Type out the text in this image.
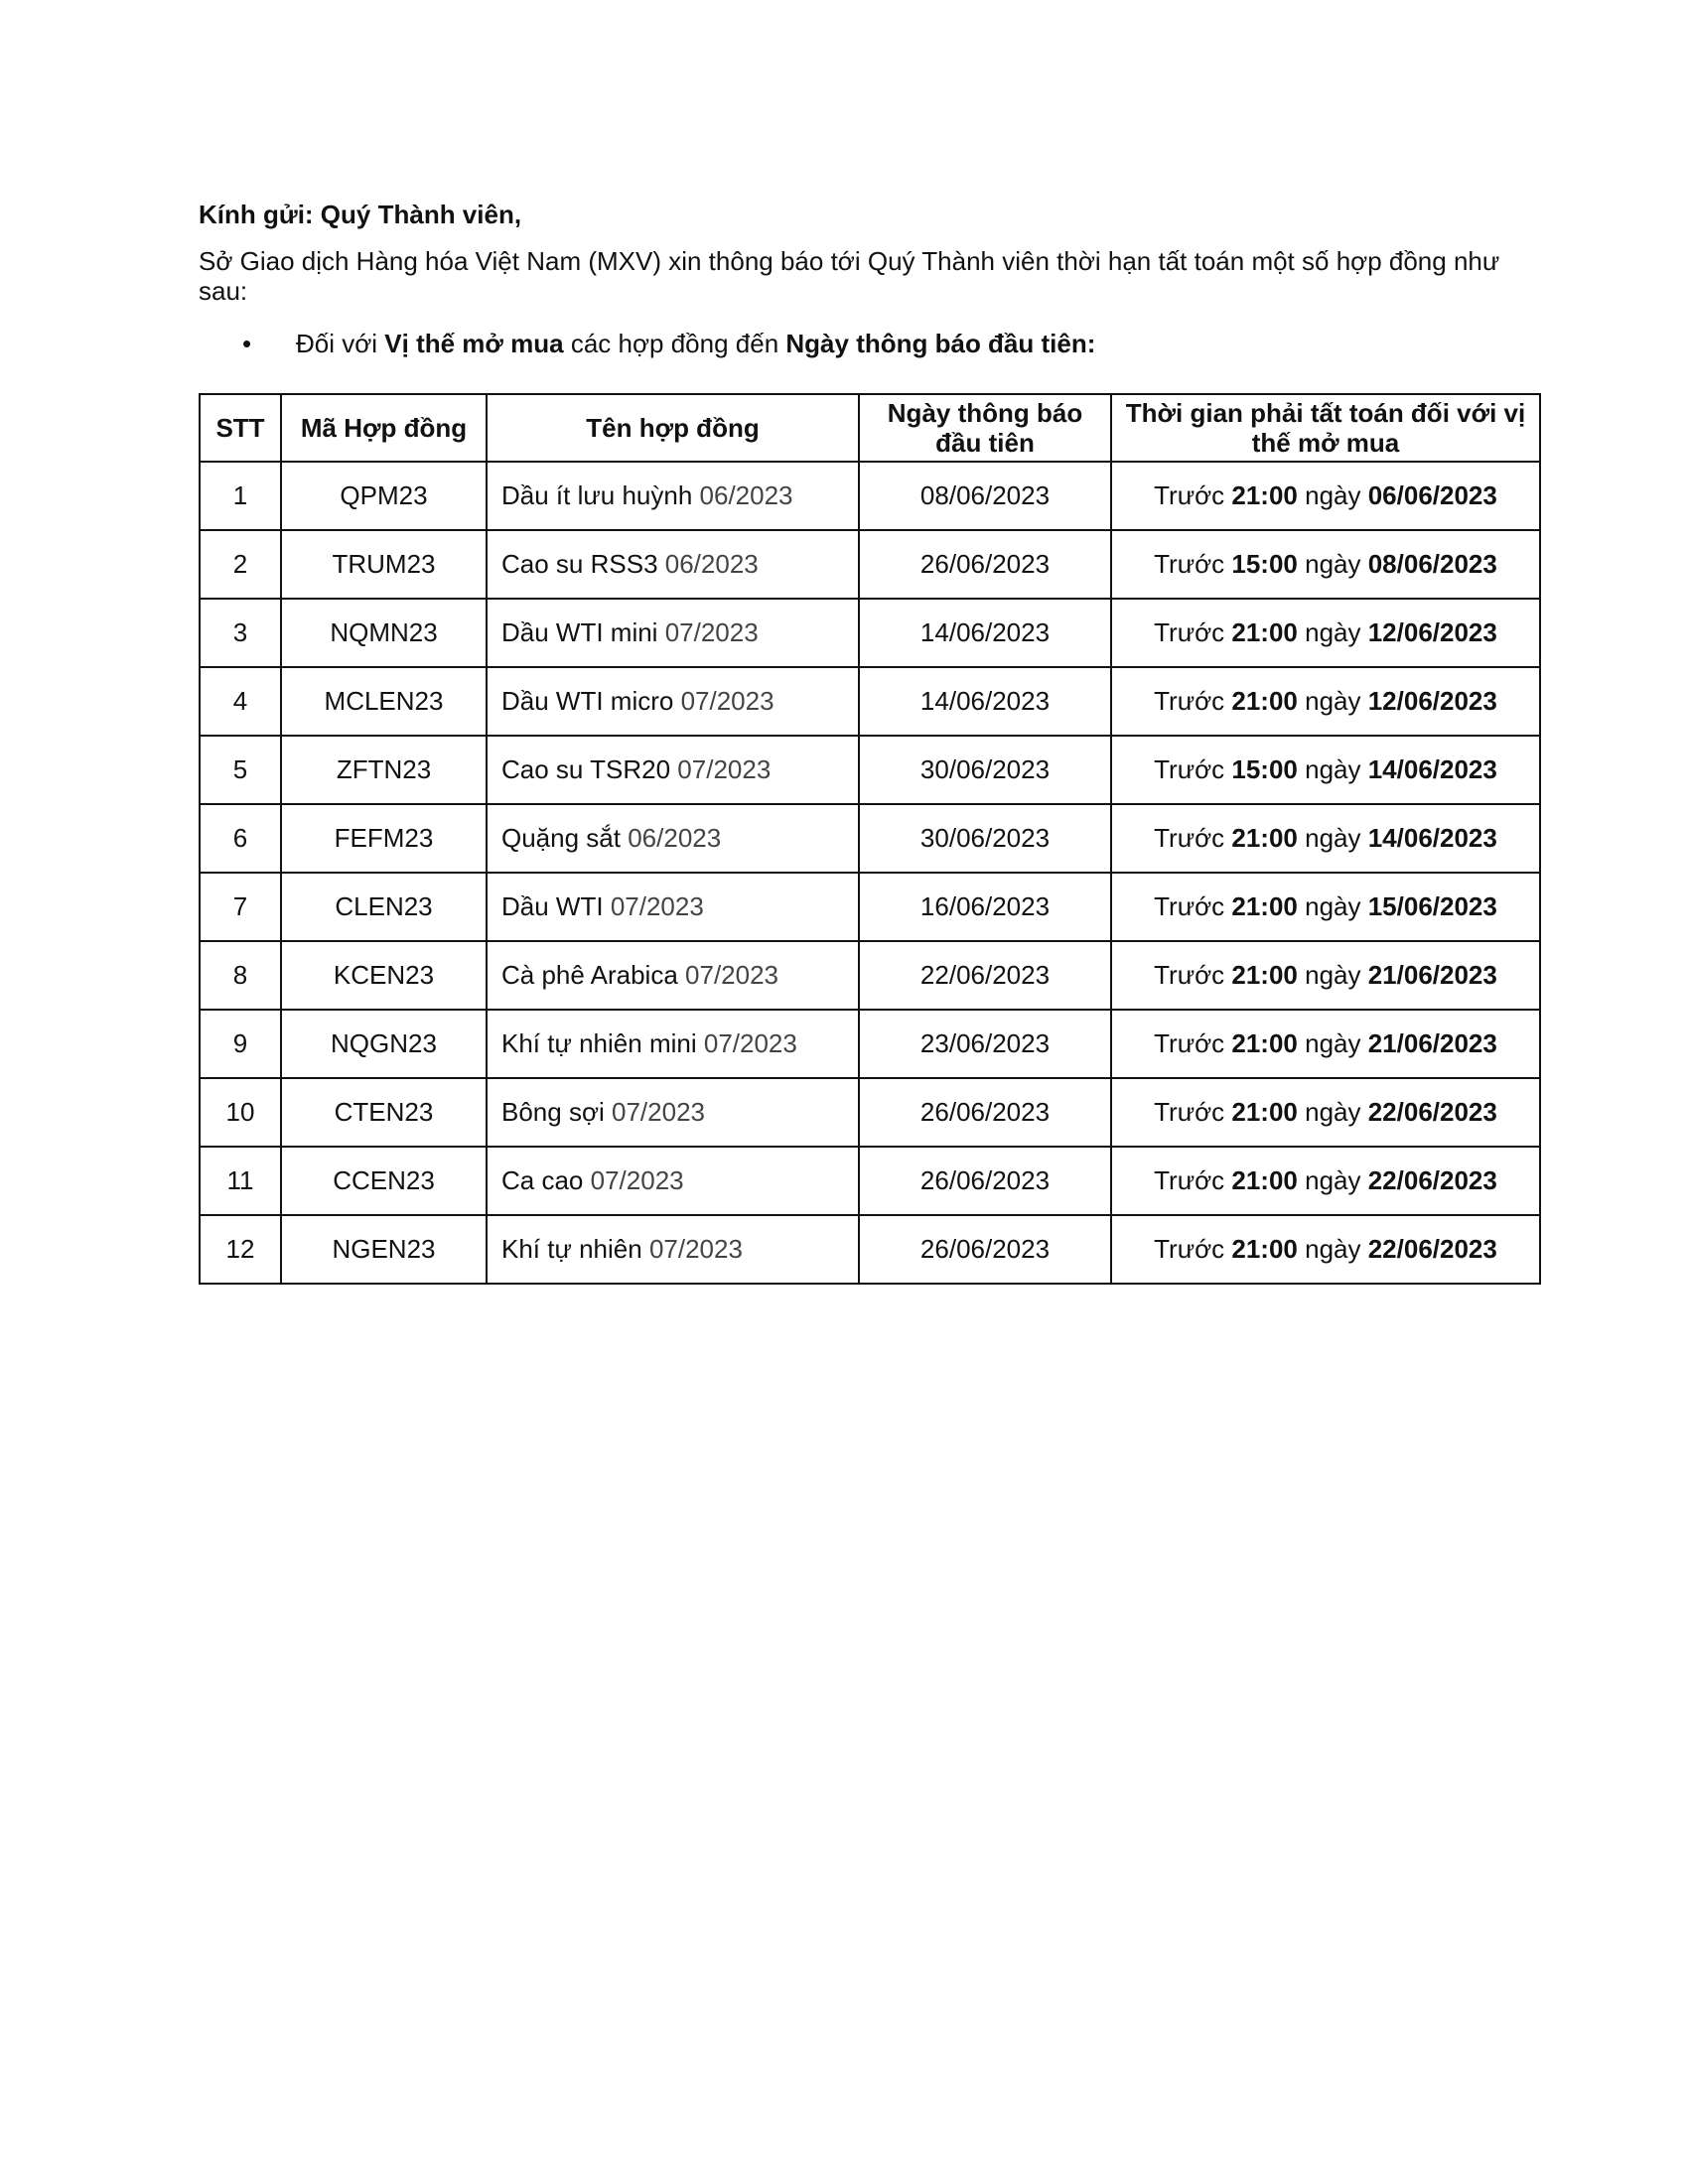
Kính gửi: Quý Thành viên,
Sở Giao dịch Hàng hóa Việt Nam (MXV) xin thông báo tới Quý Thành viên thời hạn tất toán một số hợp đồng như sau:
• Đối với Vị thế mở mua các hợp đồng đến Ngày thông báo đầu tiên:
STT	Mã Hợp đồng	Tên hợp đồng	Ngày thông báo đầu tiên	Thời gian phải tất toán đối với vị thế mở mua
1	QPM23	Dầu ít lưu huỳnh 06/2023	08/06/2023	Trước 21:00 ngày 06/06/2023
2	TRUM23	Cao su RSS3 06/2023	26/06/2023	Trước 15:00 ngày 08/06/2023
3	NQMN23	Dầu WTI mini 07/2023	14/06/2023	Trước 21:00 ngày 12/06/2023
4	MCLEN23	Dầu WTI micro 07/2023	14/06/2023	Trước 21:00 ngày 12/06/2023
5	ZFTN23	Cao su TSR20 07/2023	30/06/2023	Trước 15:00 ngày 14/06/2023
6	FEFM23	Quặng sắt 06/2023	30/06/2023	Trước 21:00 ngày 14/06/2023
7	CLEN23	Dầu WTI 07/2023	16/06/2023	Trước 21:00 ngày 15/06/2023
8	KCEN23	Cà phê Arabica 07/2023	22/06/2023	Trước 21:00 ngày 21/06/2023
9	NQGN23	Khí tự nhiên mini 07/2023	23/06/2023	Trước 21:00 ngày 21/06/2023
10	CTEN23	Bông sợi 07/2023	26/06/2023	Trước 21:00 ngày 22/06/2023
11	CCEN23	Ca cao 07/2023	26/06/2023	Trước 21:00 ngày 22/06/2023
12	NGEN23	Khí tự nhiên 07/2023	26/06/2023	Trước 21:00 ngày 22/06/2023
